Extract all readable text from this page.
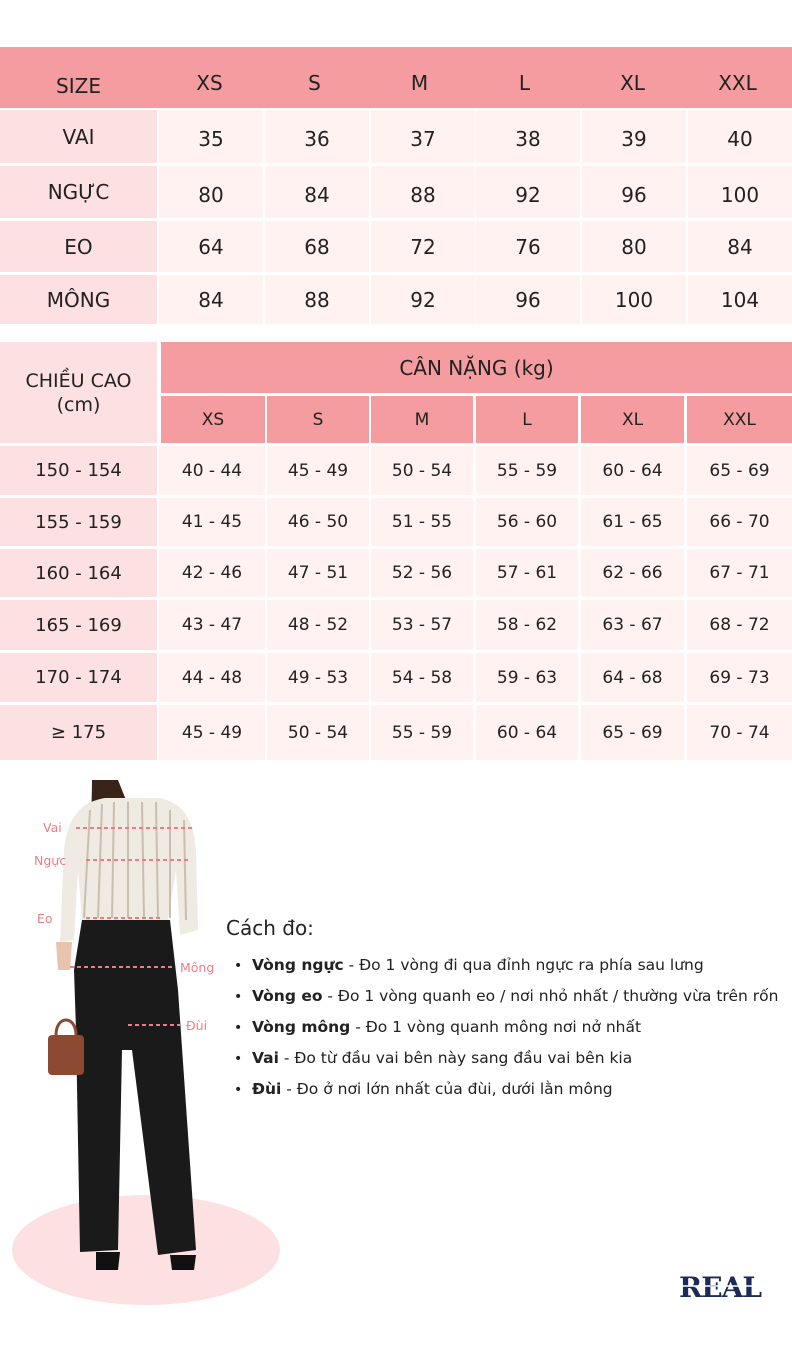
SIZE	XS	S	M	L	XL	XXL
VAI	35	36	37	38	39	40
NGỰC	80	84	88	92	96	100
EO	64	68	72	76	80	84
MÔNG	84	88	92	96	100	104
CHIỀU CAO
(cm)
CÂN NẶNG (kg)
XS	S	M	L	XL	XXL
150 - 154	40 - 44	45 - 49	50 - 54	55 - 59	60 - 64	65 - 69
155 - 159	41 - 45	46 - 50	51 - 55	56 - 60	61 - 65	66 - 70
160 - 164	42 - 46	47 - 51	52 - 56	57 - 61	62 - 66	67 - 71
165 - 169	43 - 47	48 - 52	53 - 57	58 - 62	63 - 67	68 - 72
170 - 174	44 - 48	49 - 53	54 - 58	59 - 63	64 - 68	69 - 73
≥ 175	45 - 49	50 - 54	55 - 59	60 - 64	65 - 69	70 - 74
Vai
Ngực
Eo
Mông
Đùi
Cách đo:
• Vòng ngực - Đo 1 vòng đi qua đỉnh ngực ra phía sau lưng
• Vòng eo - Đo 1 vòng quanh eo / nơi nhỏ nhất / thường vừa trên rốn
• Vòng mông - Đo 1 vòng quanh mông nơi nở nhất
• Vai - Đo từ đầu vai bên này sang đầu vai bên kia
• Đùi - Đo ở nơi lớn nhất của đùi, dưới lằn mông
REAL
